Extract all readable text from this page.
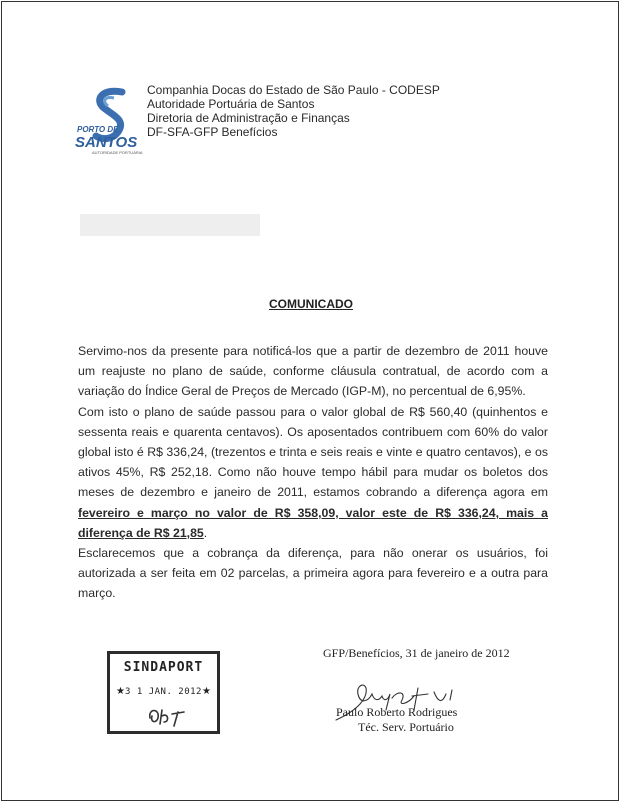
PORTO DE
SANTOS
AUTORIDADE PORTUÁRIA
Companhia Docas do Estado de São Paulo - CODESP
Autoridade Portuária de Santos
Diretoria de Administração e Finanças
DF-SFA-GFP Benefícios
COMUNICADO

Servimo-nos da presente para notificá-los que a partir de dezembro de 2011 houve um reajuste no plano de saúde, conforme cláusula contratual, de acordo com a variação do Índice Geral de Preços de Mercado (IGP-M), no percentual de 6,95%.

Com isto o plano de saúde passou para o valor global de R$ 560,40 (quinhentos e sessenta reais e quarenta centavos). Os aposentados contribuem com 60% do valor global isto é R$ 336,24, (trezentos e trinta e seis reais e vinte e quatro centavos), e os ativos 45%, R$ 252,18. Como não houve tempo hábil para mudar os boletos dos meses de dezembro e janeiro de 2011, estamos cobrando a diferença agora em fevereiro e março no valor de R$ 358,09, valor este de R$ 336,24, mais a diferença de R$ 21,85.

Esclarecemos que a cobrança da diferença, para não onerar os usuários, foi autorizada a ser feita em 02 parcelas, a primeira agora para fevereiro e a outra para março.

GFP/Benefícios, 31 de janeiro de 2012
SINDAPORT
★ 3 1 JAN. 2012 ★
Paulo Roberto Rodrigues
Téc. Serv. Portuário
